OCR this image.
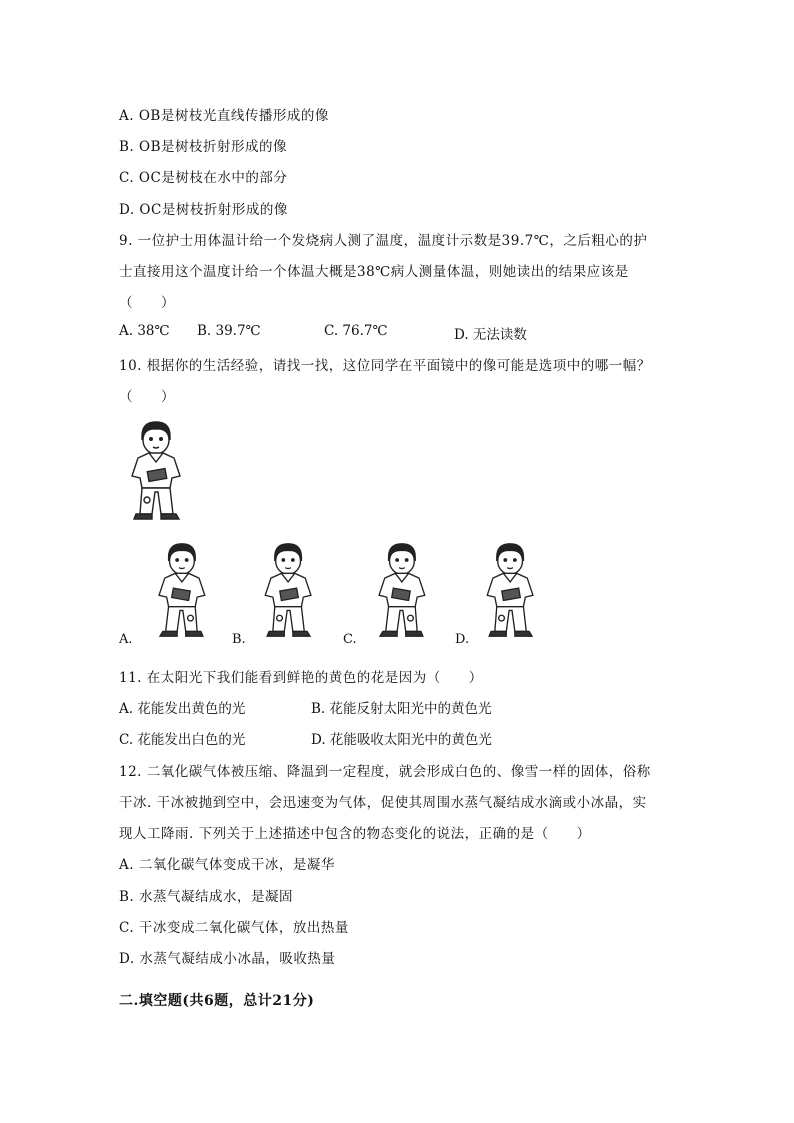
A. OB是树枝光直线传播形成的像
B. OB是树枝折射形成的像
C. OC是树枝在水中的部分
D. OC是树枝折射形成的像
9. 一位护士用体温计给一个发烧病人测了温度，温度计示数是39.7℃，之后粗心的护
士直接用这个温度计给一个体温大概是38℃病人测量体温，则她读出的结果应该是
（　　）
A. 38℃ B. 39.7℃	C. 76.7℃	D. 无法读数
10. 根据你的生活经验，请找一找，这位同学在平面镜中的像可能是选项中的哪一幅？
（　　）
A.	B.	C.	D.
11. 在太阳光下我们能看到鲜艳的黄色的花是因为（　　）
A. 花能发出黄色的光	B. 花能反射太阳光中的黄色光
C. 花能发出白色的光	D. 花能吸收太阳光中的黄色光
12. 二氧化碳气体被压缩、降温到一定程度，就会形成白色的、像雪一样的固体，俗称
干冰. 干冰被抛到空中，会迅速变为气体，促使其周围水蒸气凝结成水滴或小冰晶，实
现人工降雨. 下列关于上述描述中包含的物态变化的说法，正确的是（　　）
A. 二氧化碳气体变成干冰，是凝华
B. 水蒸气凝结成水，是凝固
C. 干冰变成二氧化碳气体，放出热量
D. 水蒸气凝结成小冰晶，吸收热量
二.填空题(共6题，总计21分)
